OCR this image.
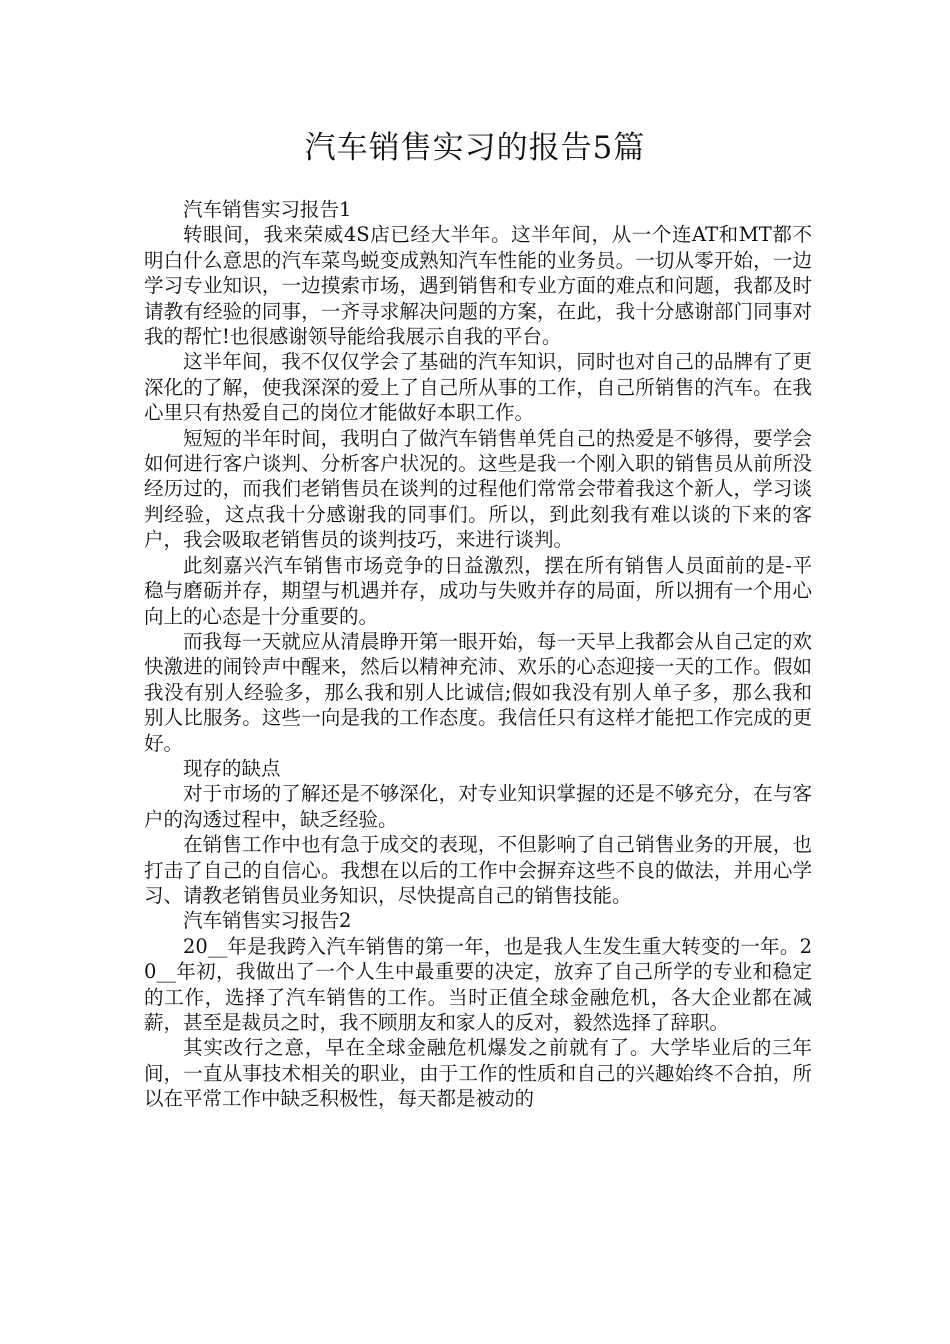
汽车销售实习的报告5篇

汽车销售实习报告1

转眼间，我来荣威4S店已经大半年。这半年间，从一个连AT和MT都不明白什么意思的汽车菜鸟蜕变成熟知汽车性能的业务员。一切从零开始，一边学习专业知识，一边摸索市场，遇到销售和专业方面的难点和问题，我都及时请教有经验的同事，一齐寻求解决问题的方案，在此，我十分感谢部门同事对我的帮忙!也很感谢领导能给我展示自我的平台。

这半年间，我不仅仅学会了基础的汽车知识，同时也对自己的品牌有了更深化的了解，使我深深的爱上了自己所从事的工作，自己所销售的汽车。在我心里只有热爱自己的岗位才能做好本职工作。

短短的半年时间，我明白了做汽车销售单凭自己的热爱是不够得，要学会如何进行客户谈判、分析客户状况的。这些是我一个刚入职的销售员从前所没经历过的，而我们老销售员在谈判的过程他们常常会带着我这个新人，学习谈判经验，这点我十分感谢我的同事们。所以，到此刻我有难以谈的下来的客户，我会吸取老销售员的谈判技巧，来进行谈判。

此刻嘉兴汽车销售市场竞争的日益激烈，摆在所有销售人员面前的是-平稳与磨砺并存，期望与机遇并存，成功与失败并存的局面，所以拥有一个用心向上的心态是十分重要的。

而我每一天就应从清晨睁开第一眼开始，每一天早上我都会从自己定的欢快激进的闹铃声中醒来，然后以精神充沛、欢乐的心态迎接一天的工作。假如我没有别人经验多，那么我和别人比诚信;假如我没有别人单子多，那么我和别人比服务。这些一向是我的工作态度。我信任只有这样才能把工作完成的更好。

现存的缺点

对于市场的了解还是不够深化，对专业知识掌握的还是不够充分，在与客户的沟透过程中，缺乏经验。

在销售工作中也有急于成交的表现，不但影响了自己销售业务的开展，也打击了自己的自信心。我想在以后的工作中会摒弃这些不良的做法，并用心学习、请教老销售员业务知识，尽快提高自己的销售技能。

汽车销售实习报告2

20__年是我跨入汽车销售的第一年，也是我人生发生重大转变的一年。20__年初，我做出了一个人生中最重要的决定，放弃了自己所学的专业和稳定的工作，选择了汽车销售的工作。当时正值全球金融危机，各大企业都在减薪，甚至是裁员之时，我不顾朋友和家人的反对，毅然选择了辞职。

其实改行之意，早在全球金融危机爆发之前就有了。大学毕业后的三年间，一直从事技术相关的职业，由于工作的性质和自己的兴趣始终不合拍，所以在平常工作中缺乏积极性，每天都是被动的
